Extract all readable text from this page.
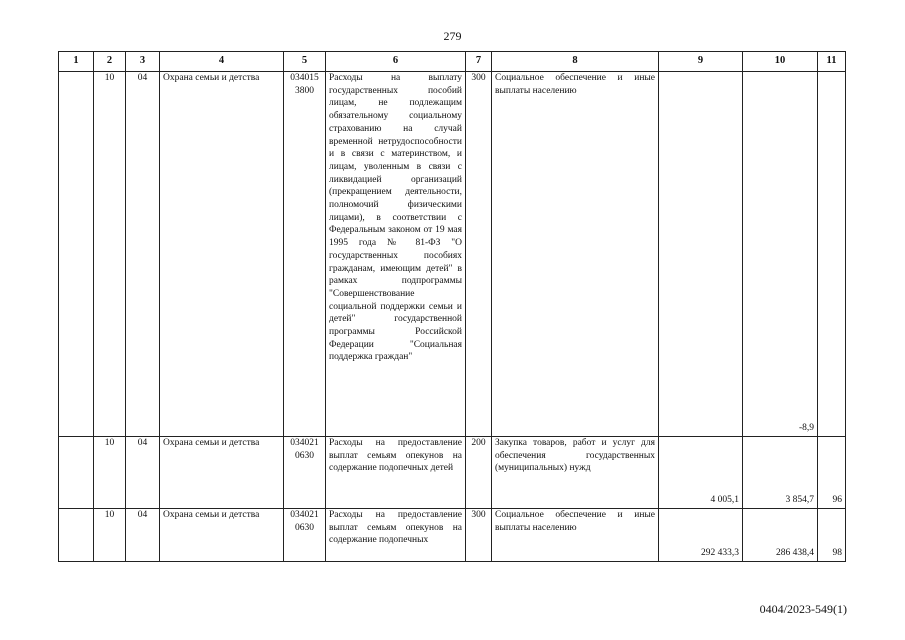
279
1	2	3	4	5	6	7	8	9	10	11
	10	04	Охрана семьи и детства	034015 3800	Расходы на выплату государственных пособий лицам, не подлежащим обязательному социальному страхованию на случай временной нетрудоспособности и в связи с материнством, и лицам, уволенным в связи с ликвидацией организаций (прекращением деятельности, полномочий физическими лицами), в соответствии с Федеральным законом от 19 мая 1995 года № 81-ФЗ "О государственных пособиях гражданам, имеющим детей" в рамках подпрограммы "Совершенствование социальной поддержки семьи и детей" государственной программы Российской Федерации "Социальная поддержка граждан"	300	Социальное обеспечение и иные выплаты населению		-8,9	
	10	04	Охрана семьи и детства	034021 0630	Расходы на предоставление выплат семьям опекунов на содержание подопечных детей	200	Закупка товаров, работ и услуг для обеспечения государственных (муниципальных) нужд	4 005,1	3 854,7	96
	10	04	Охрана семьи и детства	034021 0630	Расходы на предоставление выплат семьям опекунов на содержание подопечных	300	Социальное обеспечение и иные выплаты населению	292 433,3	286 438,4	98
0404/2023-549(1)
